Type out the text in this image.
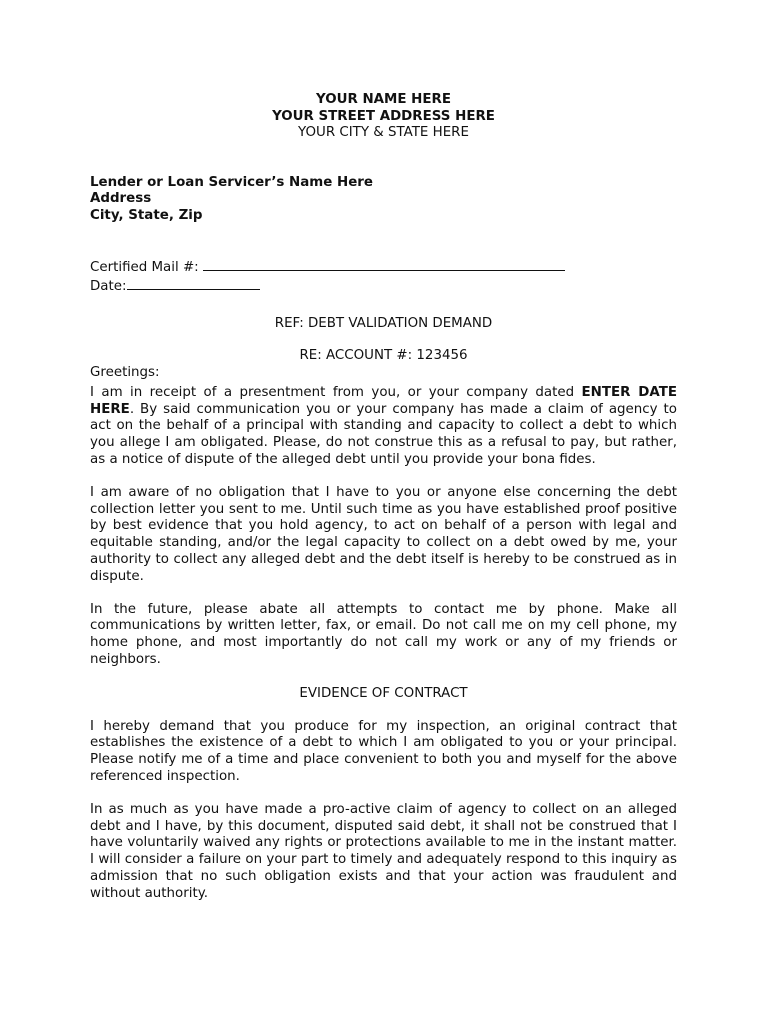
YOUR NAME HERE
YOUR STREET ADDRESS HERE
YOUR CITY & STATE HERE
Lender or Loan Servicer’s Name Here
Address
City, State, Zip
Certified Mail #:
Date:
REF: DEBT VALIDATION DEMAND
RE: ACCOUNT #: 123456

Greetings:

I am in receipt of a presentment from you, or your company dated ENTER DATE HERE. By said communication you or your company has made a claim of agency to act on the behalf of a principal with standing and capacity to collect a debt to which you allege I am obligated. Please, do not construe this as a refusal to pay, but rather, as a notice of dispute of the alleged debt until you provide your bona fides.

I am aware of no obligation that I have to you or anyone else concerning the debt collection letter you sent to me. Until such time as you have established proof positive by best evidence that you hold agency, to act on behalf of a person with legal and equitable standing, and/or the legal capacity to collect on a debt owed by me, your authority to collect any alleged debt and the debt itself is hereby to be construed as in dispute.

In the future, please abate all attempts to contact me by phone. Make all communications by written letter, fax, or email. Do not call me on my cell phone, my home phone, and most importantly do not call my work or any of my friends or neighbors.

EVIDENCE OF CONTRACT

I hereby demand that you produce for my inspection, an original contract that establishes the existence of a debt to which I am obligated to you or your principal. Please notify me of a time and place convenient to both you and myself for the above referenced inspection.

In as much as you have made a pro-active claim of agency to collect on an alleged debt and I have, by this document, disputed said debt, it shall not be construed that I have voluntarily waived any rights or protections available to me in the instant matter. I will consider a failure on your part to timely and adequately respond to this inquiry as admission that no such obligation exists and that your action was fraudulent and without authority.
